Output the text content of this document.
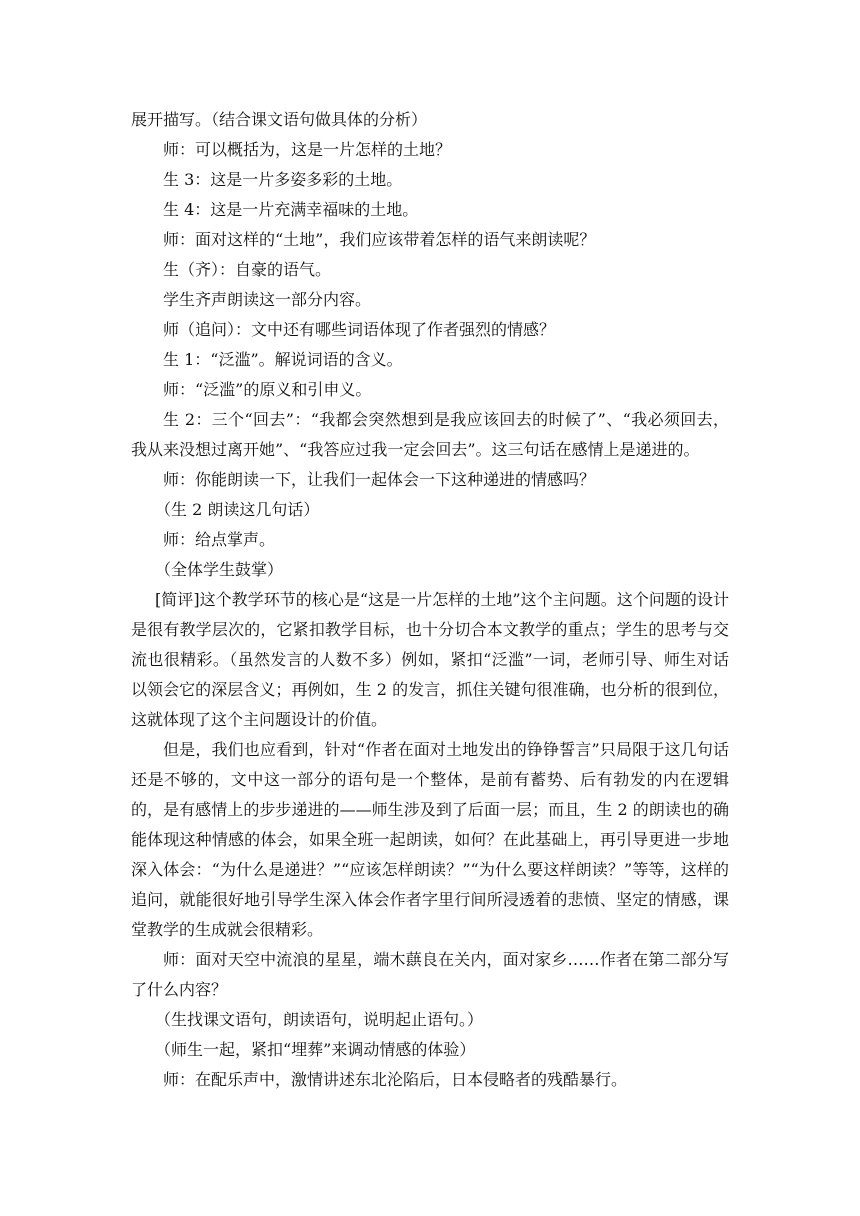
展开描写。（结合课文语句做具体的分析）

师：可以概括为，这是一片怎样的土地？

生 3：这是一片多姿多彩的土地。

生 4：这是一片充满幸福味的土地。

师：面对这样的“土地”，我们应该带着怎样的语气来朗读呢？

生（齐）：自豪的语气。

学生齐声朗读这一部分内容。

师（追问）：文中还有哪些词语体现了作者强烈的情感？

生 1：“泛滥”。解说词语的含义。

师：“泛滥”的原义和引申义。

生 2：三个“回去”：“我都会突然想到是我应该回去的时候了”、“我必须回去，我从来没想过离开她”、“我答应过我一定会回去”。这三句话在感情上是递进的。

师：你能朗读一下，让我们一起体会一下这种递进的情感吗？

（生 2 朗读这几句话）

师：给点掌声。

（全体学生鼓掌）

[简评]这个教学环节的核心是“这是一片怎样的土地”这个主问题。这个问题的设计是很有教学层次的，它紧扣教学目标，也十分切合本文教学的重点；学生的思考与交流也很精彩。（虽然发言的人数不多）例如，紧扣“泛滥”一词，老师引导、师生对话以领会它的深层含义；再例如，生 2 的发言，抓住关键句很准确，也分析的很到位，这就体现了这个主问题设计的价值。

但是，我们也应看到，针对“作者在面对土地发出的铮铮誓言”只局限于这几句话还是不够的，文中这一部分的语句是一个整体，是前有蓄势、后有勃发的内在逻辑的，是有感情上的步步递进的——师生涉及到了后面一层；而且，生 2 的朗读也的确能体现这种情感的体会，如果全班一起朗读，如何？在此基础上，再引导更进一步地深入体会：“为什么是递进？”“应该怎样朗读？”“为什么要这样朗读？”等等，这样的追问，就能很好地引导学生深入体会作者字里行间所浸透着的悲愤、坚定的情感，课堂教学的生成就会很精彩。

师：面对天空中流浪的星星，端木蕻良在关内，面对家乡……作者在第二部分写了什么内容？

（生找课文语句，朗读语句，说明起止语句。）

（师生一起，紧扣“埋葬”来调动情感的体验）

师：在配乐声中，激情讲述东北沦陷后，日本侵略者的残酷暴行。
